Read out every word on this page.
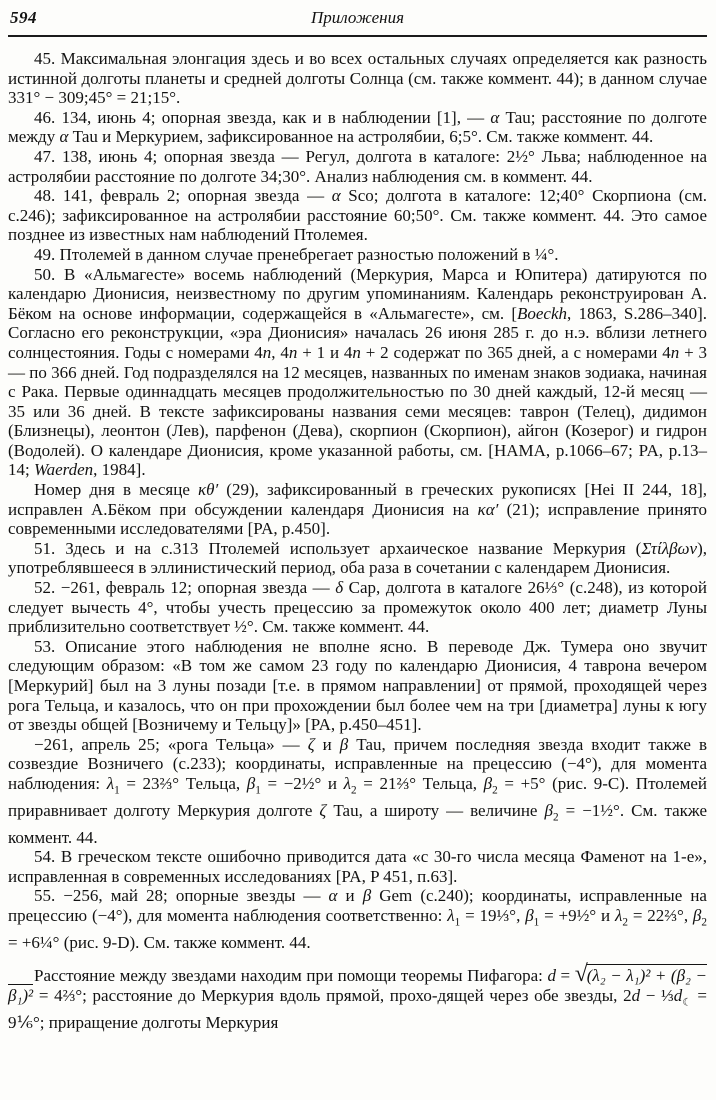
594	Приложения

45. Максимальная элонгация здесь и во всех остальных случаях определяется как разность истинной долготы планеты и средней долготы Солнца (см. также коммент. 44); в данном случае 331° − 309;45° = 21;15°.

46. 134, июнь 4; опорная звезда, как и в наблюдении [1], — α Tau; расстояние по долготе между α Tau и Меркурием, зафиксированное на астролябии, 6;5°. См. также коммент. 44.

47. 138, июнь 4; опорная звезда — Регул, долгота в каталоге: 2½° Льва; наблюденное на астролябии расстояние по долготе 34;30°. Анализ наблюдения см. в коммент. 44.

48. 141, февраль 2; опорная звезда — α Sco; долгота в каталоге: 12;40° Скорпиона (см. с.246); зафиксированное на астролябии расстояние 60;50°. См. также коммент. 44. Это самое позднее из известных нам наблюдений Птолемея.

49. Птолемей в данном случае пренебрегает разностью положений в ¼°.

50. В «Альмагесте» восемь наблюдений (Меркурия, Марса и Юпитера) датируются по календарю Дионисия, неизвестному по другим упоминаниям. Календарь реконструирован А. Бёком на основе информации, содержащейся в «Альмагесте», см. [Boeckh, 1863, S.286–340]. Согласно его реконструкции, «эра Дионисия» началась 26 июня 285 г. до н.э. вблизи летнего солнцестояния. Годы с номерами 4n, 4n + 1 и 4n + 2 содержат по 365 дней, а с номерами 4n + 3 — по 366 дней. Год подразделялся на 12 месяцев, названных по именам знаков зодиака, начиная с Рака. Первые одиннадцать месяцев продолжительностью по 30 дней каждый, 12-й месяц — 35 или 36 дней. В тексте зафиксированы названия семи месяцев: таврон (Телец), дидимон (Близнецы), леонтон (Лев), парфенон (Дева), скорпион (Скорпион), айгон (Козерог) и гидрон (Водолей). О календаре Дионисия, кроме указанной работы, см. [HAMA, p.1066–67; PA, p.13–14; Waerden, 1984].

Номер дня в месяце κθ′ (29), зафиксированный в греческих рукописях [Hei II 244, 18], исправлен А.Бёком при обсуждении календаря Дионисия на κα′ (21); исправление принято современными исследователями [PA, p.450].

51. Здесь и на с.313 Птолемей использует архаическое название Меркурия (Στίλβων), употреблявшееся в эллинистический период, оба раза в сочетании с календарем Дионисия.

52. −261, февраль 12; опорная звезда — δ Cap, долгота в каталоге 26⅓° (с.248), из которой следует вычесть 4°, чтобы учесть прецессию за промежуток около 400 лет; диаметр Луны приблизительно соответствует ½°. См. также коммент. 44.

53. Описание этого наблюдения не вполне ясно. В переводе Дж. Тумера оно звучит следующим образом: «В том же самом 23 году по календарю Дионисия, 4 таврона вечером [Меркурий] был на 3 луны позади [т.е. в прямом направлении] от прямой, проходящей через рога Тельца, и казалось, что он при прохождении был более чем на три [диаметра] луны к югу от звезды общей [Возничему и Тельцу]» [PA, p.450–451].

−261, апрель 25; «рога Тельца» — ζ и β Tau, причем последняя звезда входит также в созвездие Возничего (с.233); координаты, исправленные на прецессию (−4°), для момента наблюдения: $\lambda_1$ = 23⅔° Тельца, $\beta_1$ = −2½° и $\lambda_2$ = 21⅔° Тельца, $\beta_2 = +5^\circ$ (рис. 9-C). Птолемей приравнивает долготу Меркурия долготе ζ Tau, а широту — величине $\beta_2$ = −1½°. См. также коммент. 44.

54. В греческом тексте ошибочно приводится дата «с 30-го числа месяца Фаменот на 1-е», исправленная в современных исследованиях [PA, P 451, п.63].

55. −256, май 28; опорные звезды — α и β Gem (с.240); координаты, исправленные на прецессию (−4°), для момента наблюдения соответственно: $\lambda_1$ = 19⅓°, $\beta_1$ = +9½° и $\lambda_2$ = 22⅔°, $\beta_2$ = +6¼° (рис. 9-D). См. также коммент. 44.

Расстояние между звездами находим при помощи теоремы Пифагора: d = √(λ₂ − λ₁)² + (β₂ − β₁)² = 4⅔°; расстояние до Меркурия вдоль прямой, прохо-дящей через обе звезды, $2d - \frac{1}{3}d_☾$ = 9⅙°; приращение долготы Меркурия
